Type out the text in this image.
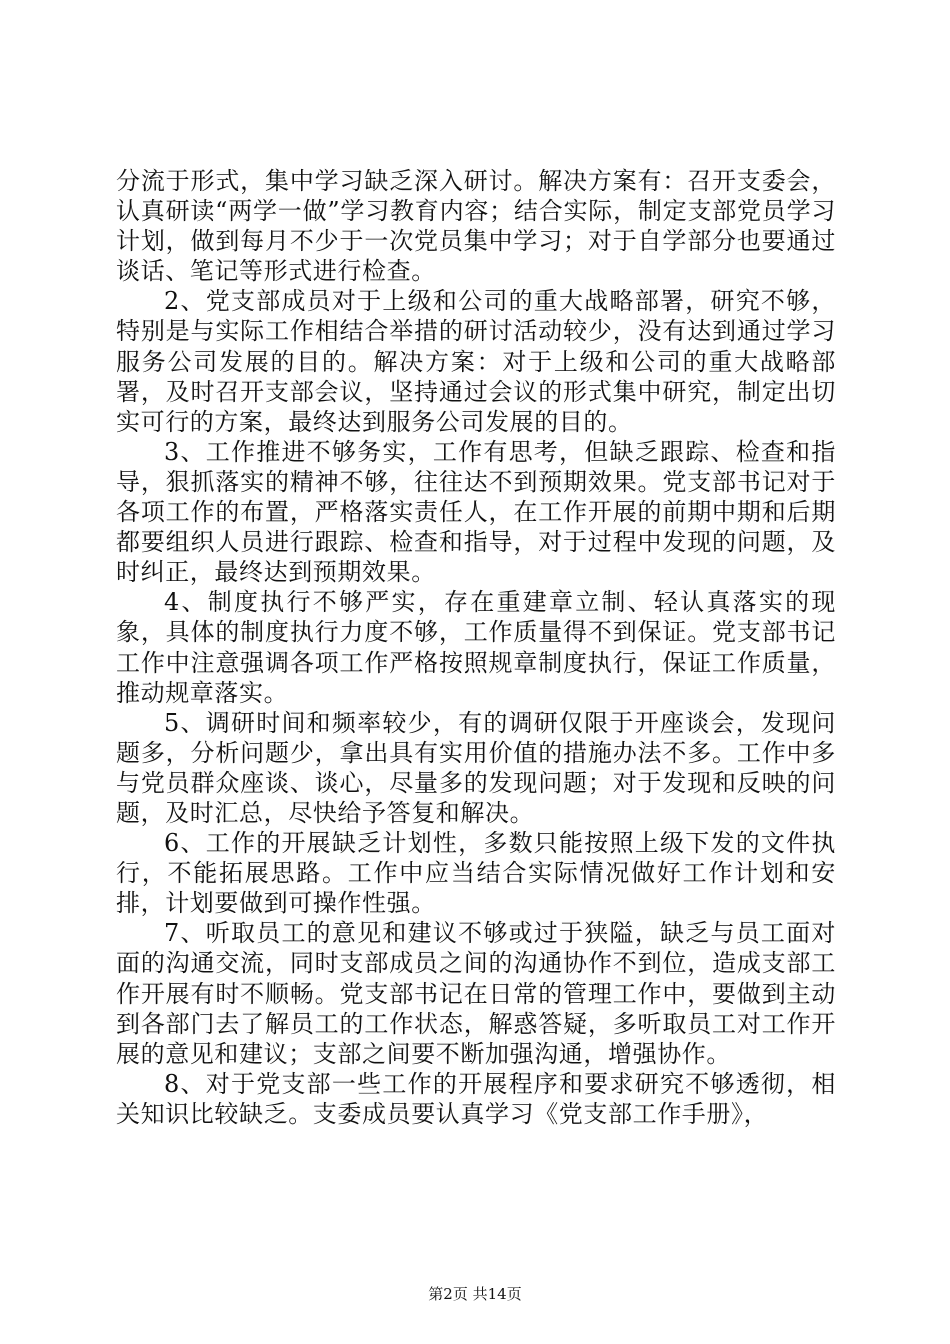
分流于形式，集中学习缺乏深入研讨。解决方案有：召开支委会，认真研读“两学一做”学习教育内容；结合实际，制定支部党员学习计划，做到每月不少于一次党员集中学习；对于自学部分也要通过谈话、笔记等形式进行检查。

2、党支部成员对于上级和公司的重大战略部署，研究不够，特别是与实际工作相结合举措的研讨活动较少，没有达到通过学习服务公司发展的目的。解决方案：对于上级和公司的重大战略部署，及时召开支部会议，坚持通过会议的形式集中研究，制定出切实可行的方案，最终达到服务公司发展的目的。

3、工作推进不够务实，工作有思考，但缺乏跟踪、检查和指导，狠抓落实的精神不够，往往达不到预期效果。党支部书记对于各项工作的布置，严格落实责任人，在工作开展的前期中期和后期都要组织人员进行跟踪、检查和指导，对于过程中发现的问题，及时纠正，最终达到预期效果。

4、制度执行不够严实，存在重建章立制、轻认真落实的现象，具体的制度执行力度不够，工作质量得不到保证。党支部书记工作中注意强调各项工作严格按照规章制度执行，保证工作质量，推动规章落实。

5、调研时间和频率较少，有的调研仅限于开座谈会，发现问题多，分析问题少，拿出具有实用价值的措施办法不多。工作中多与党员群众座谈、谈心，尽量多的发现问题；对于发现和反映的问题，及时汇总，尽快给予答复和解决。

6、工作的开展缺乏计划性，多数只能按照上级下发的文件执行，不能拓展思路。工作中应当结合实际情况做好工作计划和安排，计划要做到可操作性强。

7、听取员工的意见和建议不够或过于狭隘，缺乏与员工面对面的沟通交流，同时支部成员之间的沟通协作不到位，造成支部工作开展有时不顺畅。党支部书记在日常的管理工作中，要做到主动到各部门去了解员工的工作状态，解惑答疑，多听取员工对工作开展的意见和建议；支部之间要不断加强沟通，增强协作。

8、对于党支部一些工作的开展程序和要求研究不够透彻，相关知识比较缺乏。支委成员要认真学习《党支部工作手册》，

第2页 共14页
